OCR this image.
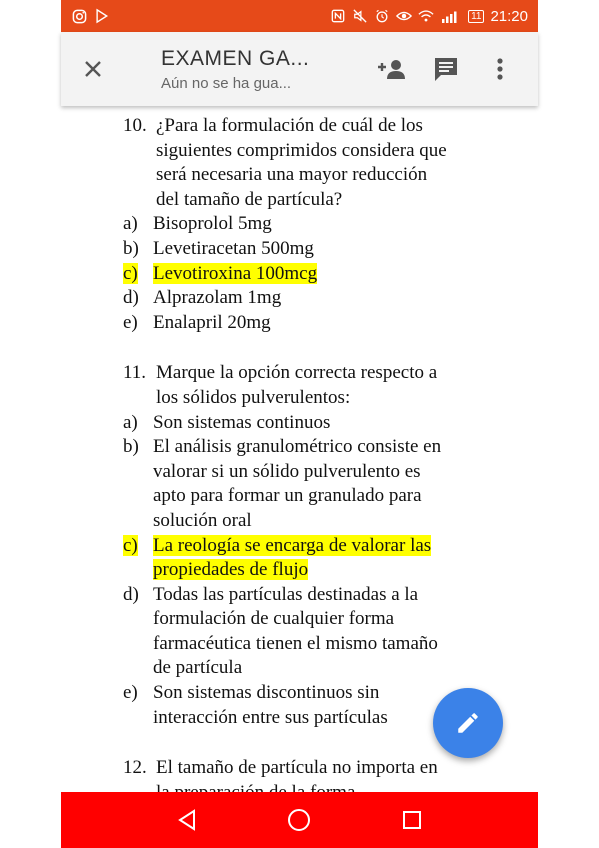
11 21:20
EXAMEN GA...
Aún no se ha gua...
10. ¿Para la formulación de cuál de los
siguientes comprimidos considera que
será necesaria una mayor reducción
del tamaño de partícula?
a) Bisoprolol 5mg
b) Levetiracetan 500mg
c) Levotiroxina 100mcg
d) Alprazolam 1mg
e) Enalapril 20mg
11. Marque la opción correcta respecto a
los sólidos pulverulentos:
a) Son sistemas continuos
b) El análisis granulométrico consiste en
valorar si un sólido pulverulento es
apto para formar un granulado para
solución oral
c) La reología se encarga de valorar las
propiedades de flujo
d) Todas las partículas destinadas a la
formulación de cualquier forma
farmacéutica tienen el mismo tamaño
de partícula
e) Son sistemas discontinuos sin
interacción entre sus partículas
12. El tamaño de partícula no importa en
